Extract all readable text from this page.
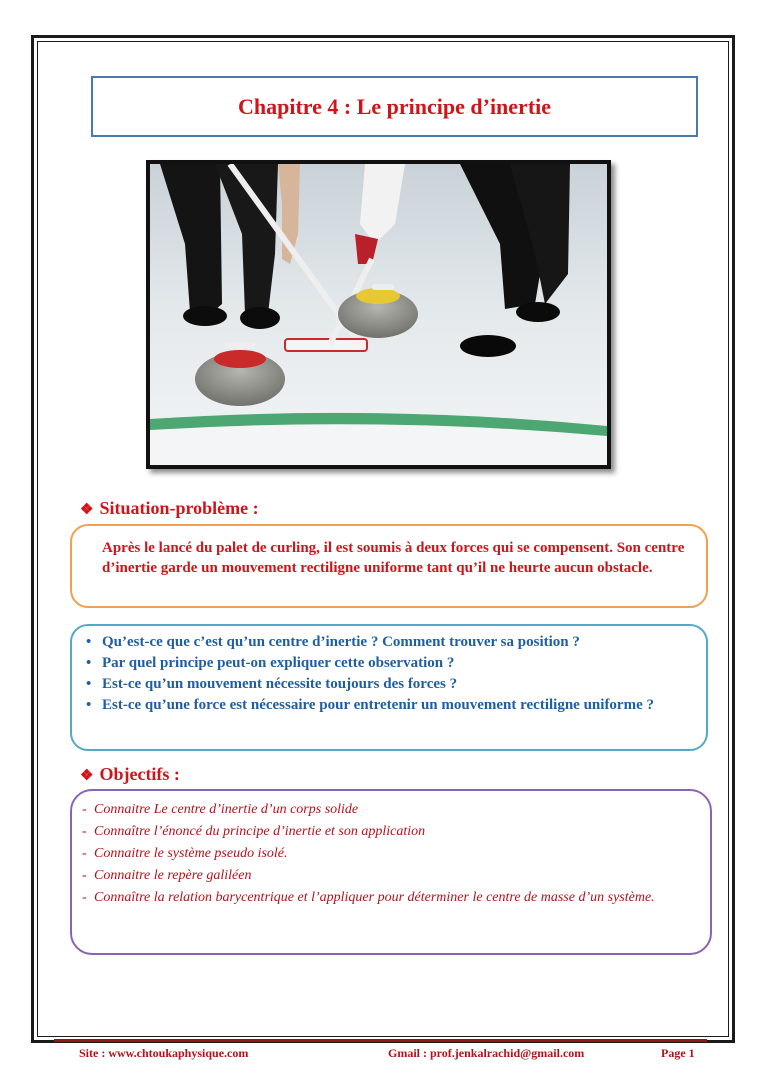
Chapitre 4 : Le principe d’inertie
❖ Situation-problème :

Après le lancé du palet de curling, il est soumis à deux forces qui se compensent. Son centre d’inertie garde un mouvement rectiligne uniforme tant qu’il ne heurte aucun obstacle.

• Qu’est-ce que c’est qu’un centre d’inertie ? Comment trouver sa position ?
• Par quel principe peut-on expliquer cette observation ?
• Est-ce qu’un mouvement nécessite toujours des forces ?
• Est-ce qu’une force est nécessaire pour entretenir un mouvement rectiligne uniforme ?
❖ Objectifs :
- Connaitre Le centre d’inertie d’un corps solide
- Connaître l’énoncé du principe d’inertie et son application
- Connaitre le système pseudo isolé.
- Connaitre le repère galiléen
- Connaître la relation barycentrique et l’appliquer pour déterminer le centre de masse d’un système.
Site : www.chtoukaphysique.com	Gmail : prof.jenkalrachid@gmail.com	Page 1
